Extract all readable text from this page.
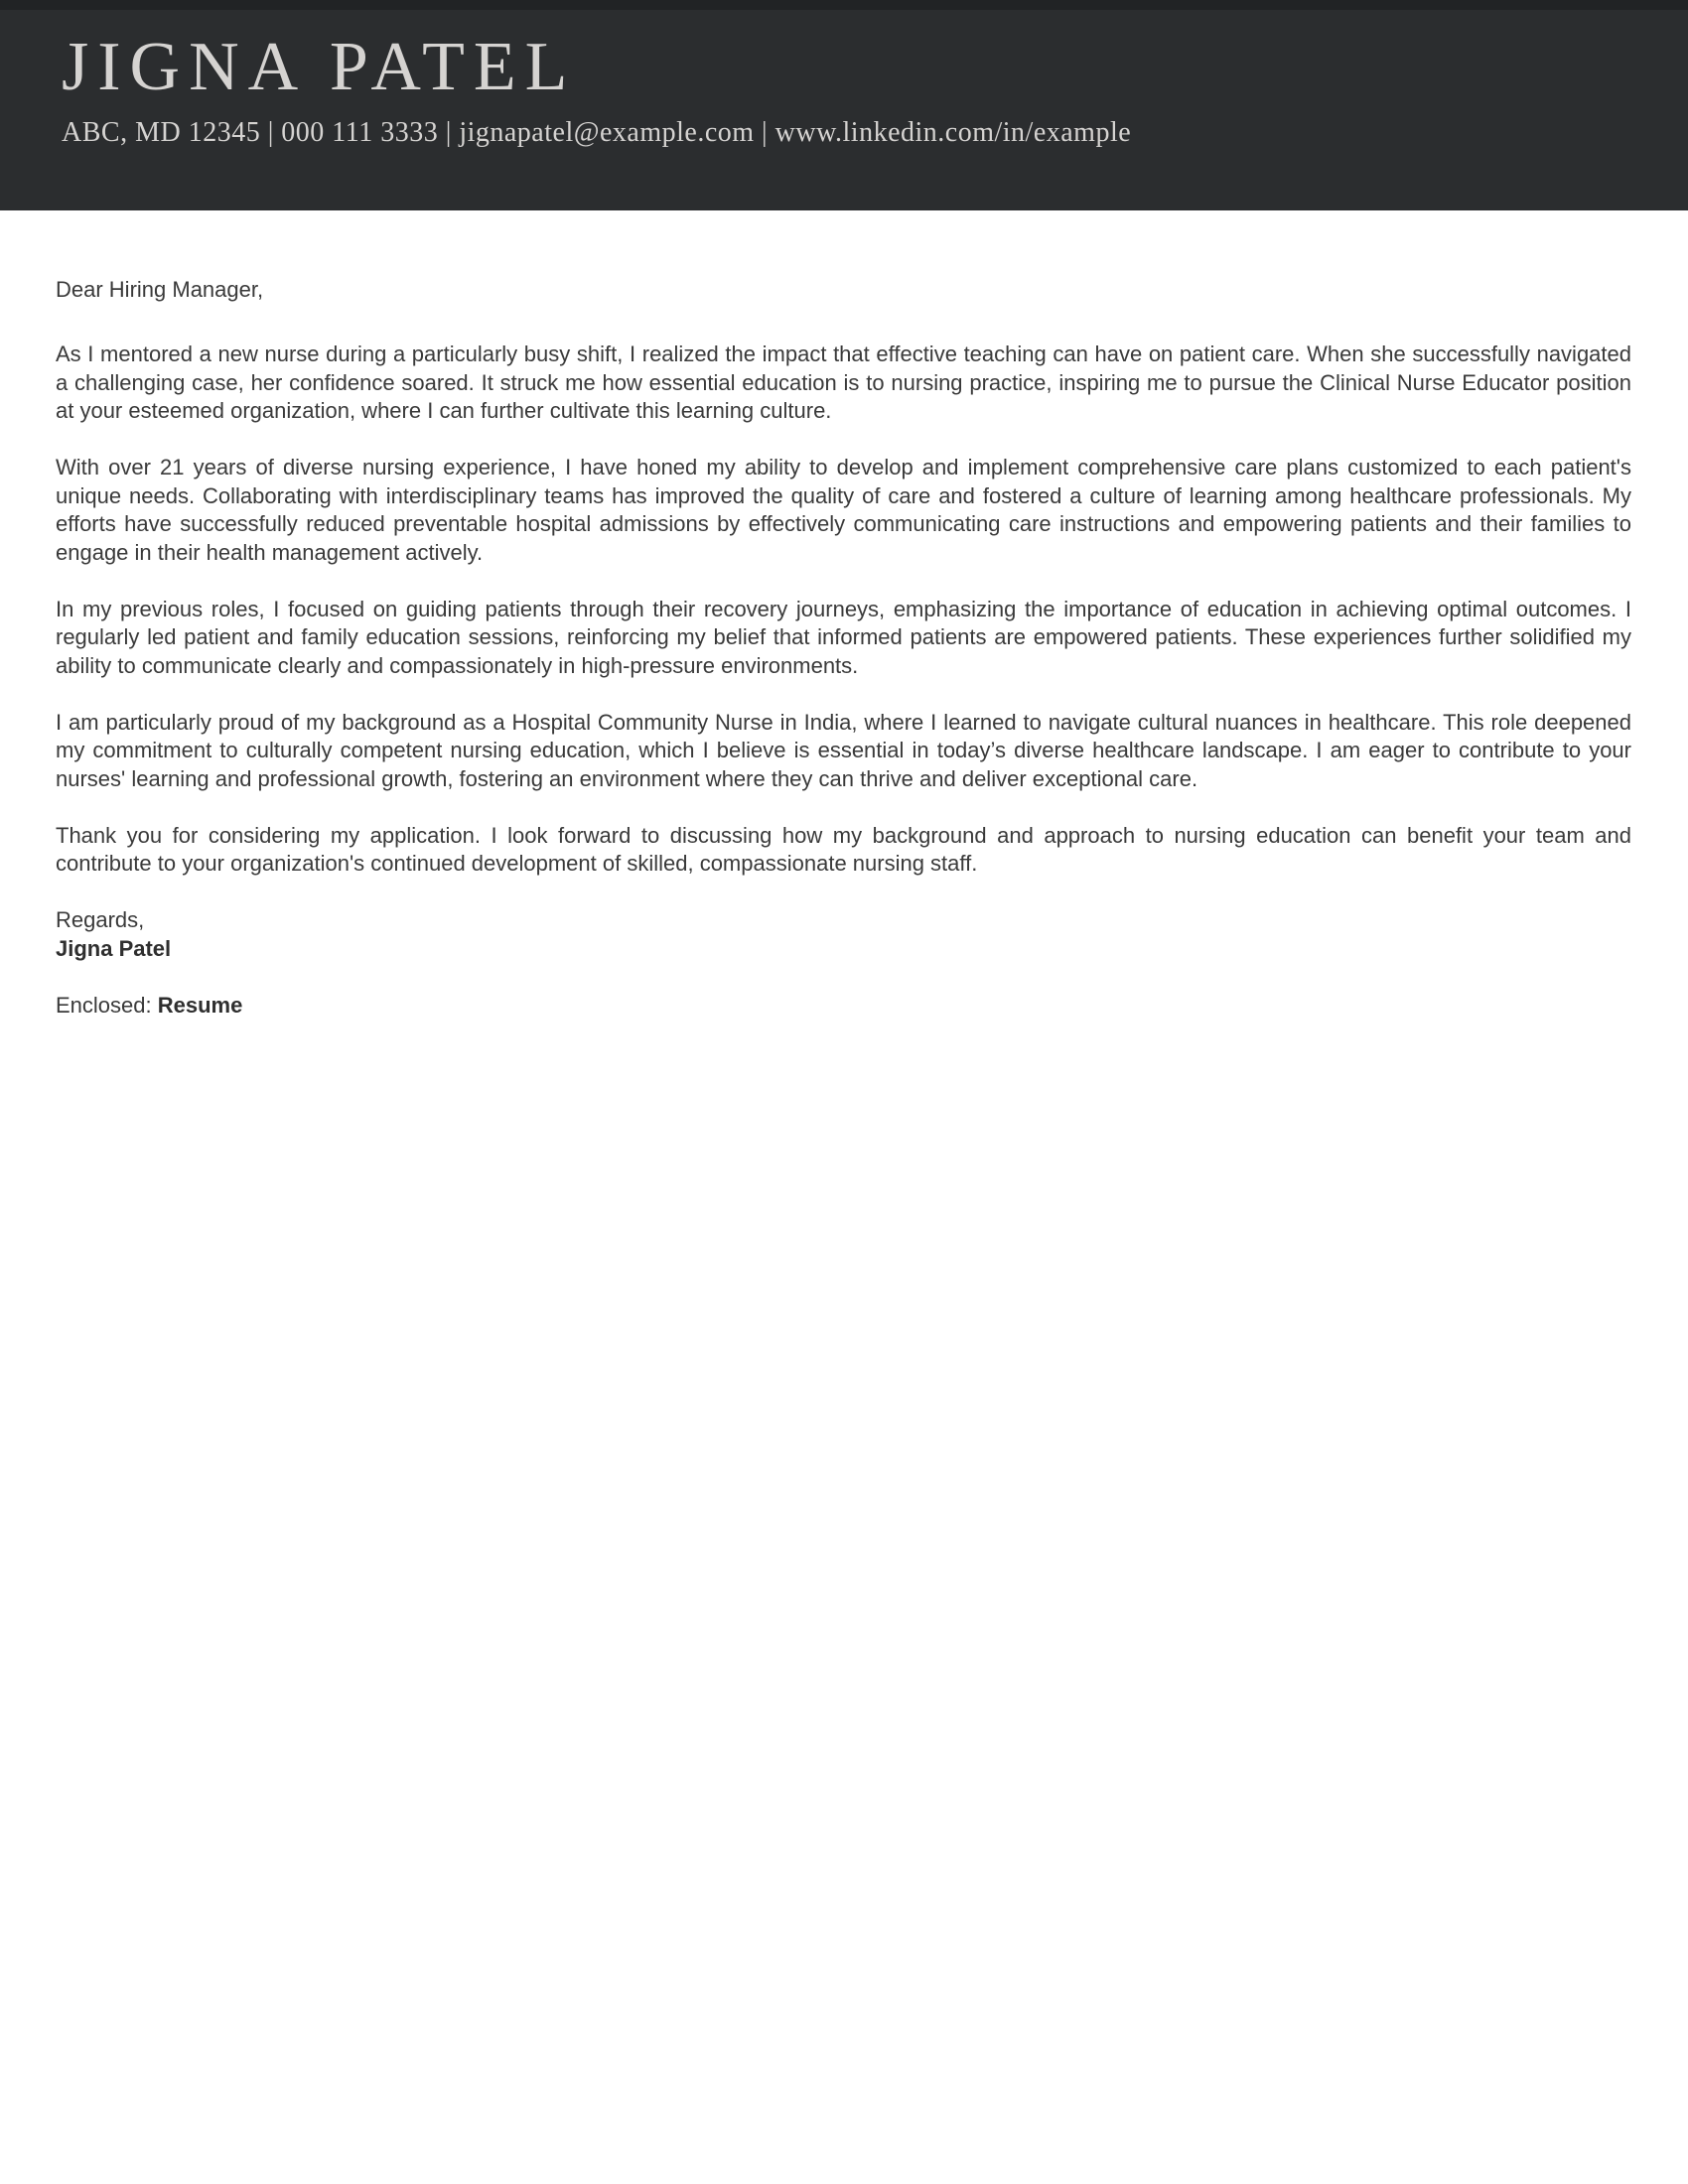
JIGNA PATEL
ABC, MD 12345 | 000 111 3333 | jignapatel@example.com | www.linkedin.com/in/example

Dear Hiring Manager,

As I mentored a new nurse during a particularly busy shift, I realized the impact that effective teaching can have on patient care. When she successfully navigated a challenging case, her confidence soared. It struck me how essential education is to nursing practice, inspiring me to pursue the Clinical Nurse Educator position at your esteemed organization, where I can further cultivate this learning culture.

With over 21 years of diverse nursing experience, I have honed my ability to develop and implement comprehensive care plans customized to each patient's unique needs. Collaborating with interdisciplinary teams has improved the quality of care and fostered a culture of learning among healthcare professionals. My efforts have successfully reduced preventable hospital admissions by effectively communicating care instructions and empowering patients and their families to engage in their health management actively.

In my previous roles, I focused on guiding patients through their recovery journeys, emphasizing the importance of education in achieving optimal outcomes. I regularly led patient and family education sessions, reinforcing my belief that informed patients are empowered patients. These experiences further solidified my ability to communicate clearly and compassionately in high-pressure environments.

I am particularly proud of my background as a Hospital Community Nurse in India, where I learned to navigate cultural nuances in healthcare. This role deepened my commitment to culturally competent nursing education, which I believe is essential in today’s diverse healthcare landscape. I am eager to contribute to your nurses' learning and professional growth, fostering an environment where they can thrive and deliver exceptional care.

Thank you for considering my application. I look forward to discussing how my background and approach to nursing education can benefit your team and contribute to your organization's continued development of skilled, compassionate nursing staff.

Regards,
Jigna Patel

Enclosed: Resume
